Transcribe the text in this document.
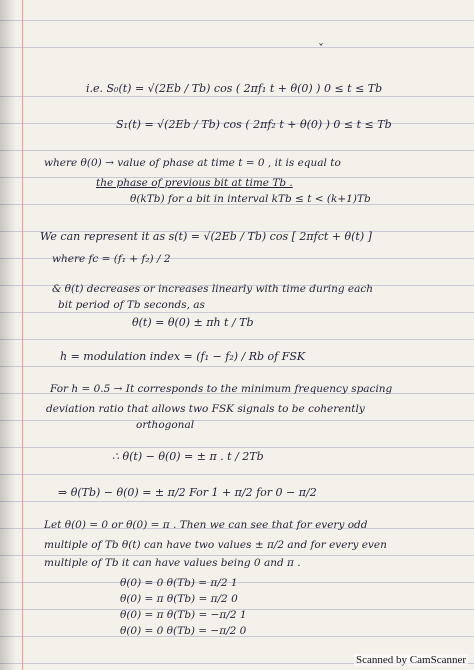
ˇ
i.e. S₀(t) = √(2Eb / Tb) cos ( 2πf₁ t + θ(0) ) 0 ≤ t ≤ Tb
S₁(t) = √(2Eb / Tb) cos ( 2πf₂ t + θ(0) ) 0 ≤ t ≤ Tb
where θ(0) → value of phase at time t = 0 , it is equal to
the phase of previous bit at time Tb .
θ(kTb) for a bit in interval kTb ≤ t < (k+1)Tb
We can represent it as s(t) = √(2Eb / Tb) cos [ 2πfct + θ(t) ]
where fc = (f₁ + f₂) / 2
& θ(t) decreases or increases linearly with time during each
bit period of Tb seconds, as
θ(t) = θ(0) ± πh t / Tb
h = modulation index = (f₁ − f₂) / Rb of FSK
For h = 0.5 → It corresponds to the minimum frequency spacing
deviation ratio that allows two FSK signals to be coherently
orthogonal
∴ θ(t) − θ(0) = ± π . t / 2Tb
⇒ θ(Tb) − θ(0) = ± π/2 For 1 + π/2 for 0 − π/2
Let θ(0) = 0 or θ(0) = π . Then we can see that for every odd
multiple of Tb θ(t) can have two values ± π/2 and for every even
multiple of Tb it can have values being 0 and π .
θ(0) = 0 θ(Tb) = π/2 1
θ(0) = π θ(Tb) = π/2 0
θ(0) = π θ(Tb) = −π/2 1
θ(0) = 0 θ(Tb) = −π/2 0
Scanned by CamScanner
